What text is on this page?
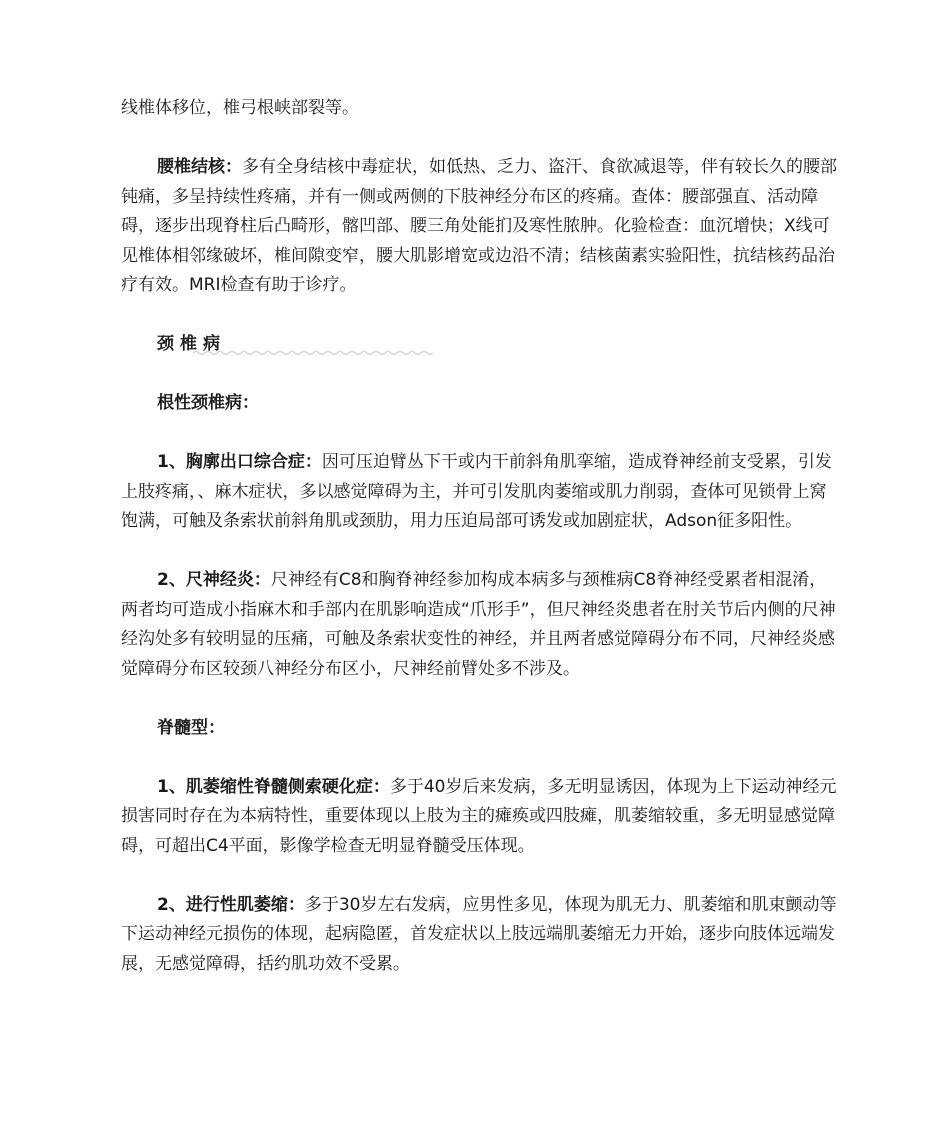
线椎体移位，椎弓根峡部裂等。

腰椎结核：多有全身结核中毒症状，如低热、乏力、盗汗、食欲减退等，伴有较长久的腰部钝痛，多呈持续性疼痛，并有一侧或两侧的下肢神经分布区的疼痛。查体：腰部强直、活动障碍，逐步出现脊柱后凸畸形，髂凹部、腰三角处能扪及寒性脓肿。化验检查：血沉增快；X线可见椎体相邻缘破坏，椎间隙变窄，腰大肌影增宽或边沿不清；结核菌素实验阳性，抗结核药品治疗有效。MRI检查有助于诊疗。

颈椎病
根性颈椎病：

1、胸廓出口综合症：因可压迫臂丛下干或内干前斜角肌挛缩，造成脊神经前支受累，引发上肢疼痛，、麻木症状，多以感觉障碍为主，并可引发肌肉萎缩或肌力削弱，查体可见锁骨上窝饱满，可触及条索状前斜角肌或颈肋，用力压迫局部可诱发或加剧症状，Adson征多阳性。

2、尺神经炎：尺神经有C8和胸脊神经参加构成本病多与颈椎病C8脊神经受累者相混淆，两者均可造成小指麻木和手部内在肌影响造成“爪形手”，但尺神经炎患者在肘关节后内侧的尺神经沟处多有较明显的压痛，可触及条索状变性的神经，并且两者感觉障碍分布不同，尺神经炎感觉障碍分布区较颈八神经分布区小，尺神经前臂处多不涉及。

脊髓型：

1、肌萎缩性脊髓侧索硬化症：多于40岁后来发病，多无明显诱因，体现为上下运动神经元损害同时存在为本病特性，重要体现以上肢为主的瘫痪或四肢瘫，肌萎缩较重，多无明显感觉障碍，可超出C4平面，影像学检查无明显脊髓受压体现。

2、进行性肌萎缩：多于30岁左右发病，应男性多见，体现为肌无力、肌萎缩和肌束颤动等下运动神经元损伤的体现，起病隐匿，首发症状以上肢远端肌萎缩无力开始，逐步向肢体远端发展，无感觉障碍，括约肌功效不受累。
